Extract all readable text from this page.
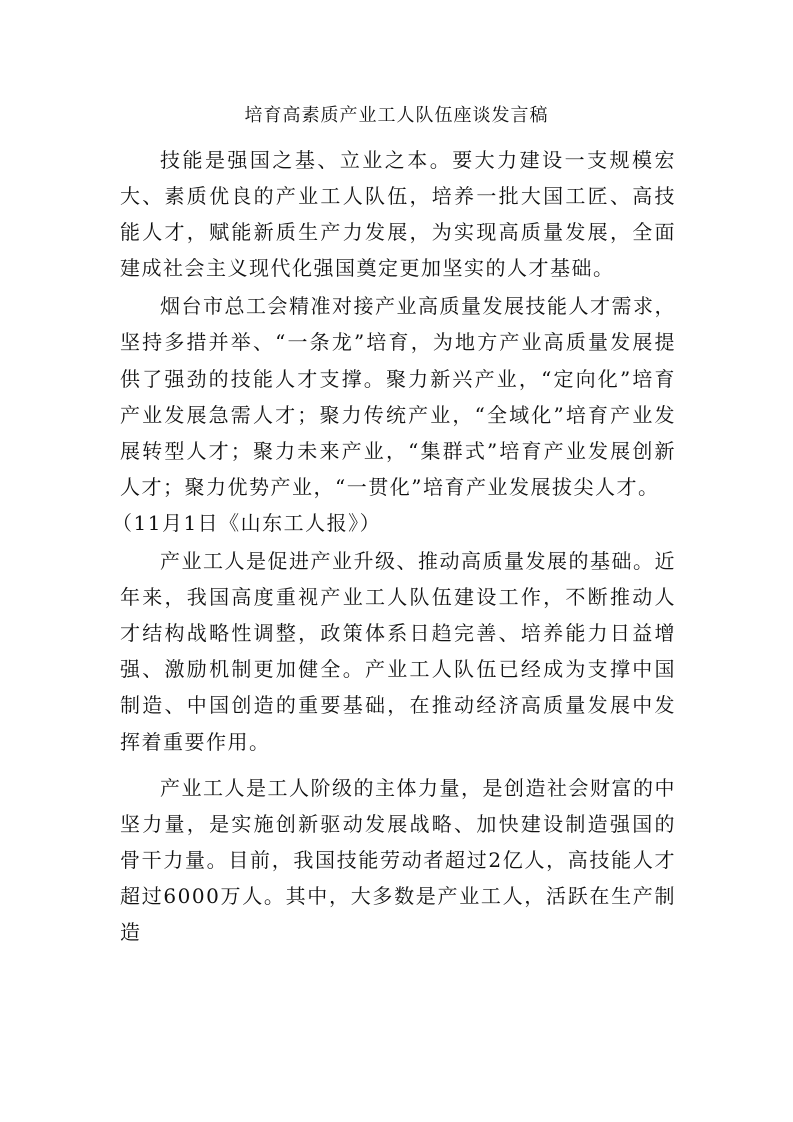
培育高素质产业工人队伍座谈发言稿

技能是强国之基、立业之本。要大力建设一支规模宏大、素质优良的产业工人队伍，培养一批大国工匠、高技能人才，赋能新质生产力发展，为实现高质量发展，全面建成社会主义现代化强国奠定更加坚实的人才基础。

烟台市总工会精准对接产业高质量发展技能人才需求，坚持多措并举、“一条龙”培育，为地方产业高质量发展提供了强劲的技能人才支撑。聚力新兴产业，“定向化”培育产业发展急需人才；聚力传统产业，“全域化”培育产业发展转型人才；聚力未来产业，“集群式”培育产业发展创新人才；聚力优势产业，“一贯化”培育产业发展拔尖人才。

（11月1日《山东工人报》）

产业工人是促进产业升级、推动高质量发展的基础。近年来，我国高度重视产业工人队伍建设工作，不断推动人才结构战略性调整，政策体系日趋完善、培养能力日益增强、激励机制更加健全。产业工人队伍已经成为支撑中国制造、中国创造的重要基础，在推动经济高质量发展中发挥着重要作用。

产业工人是工人阶级的主体力量，是创造社会财富的中坚力量，是实施创新驱动发展战略、加快建设制造强国的骨干力量。目前，我国技能劳动者超过2亿人，高技能人才超过6000万人。其中，大多数是产业工人，活跃在生产制造
